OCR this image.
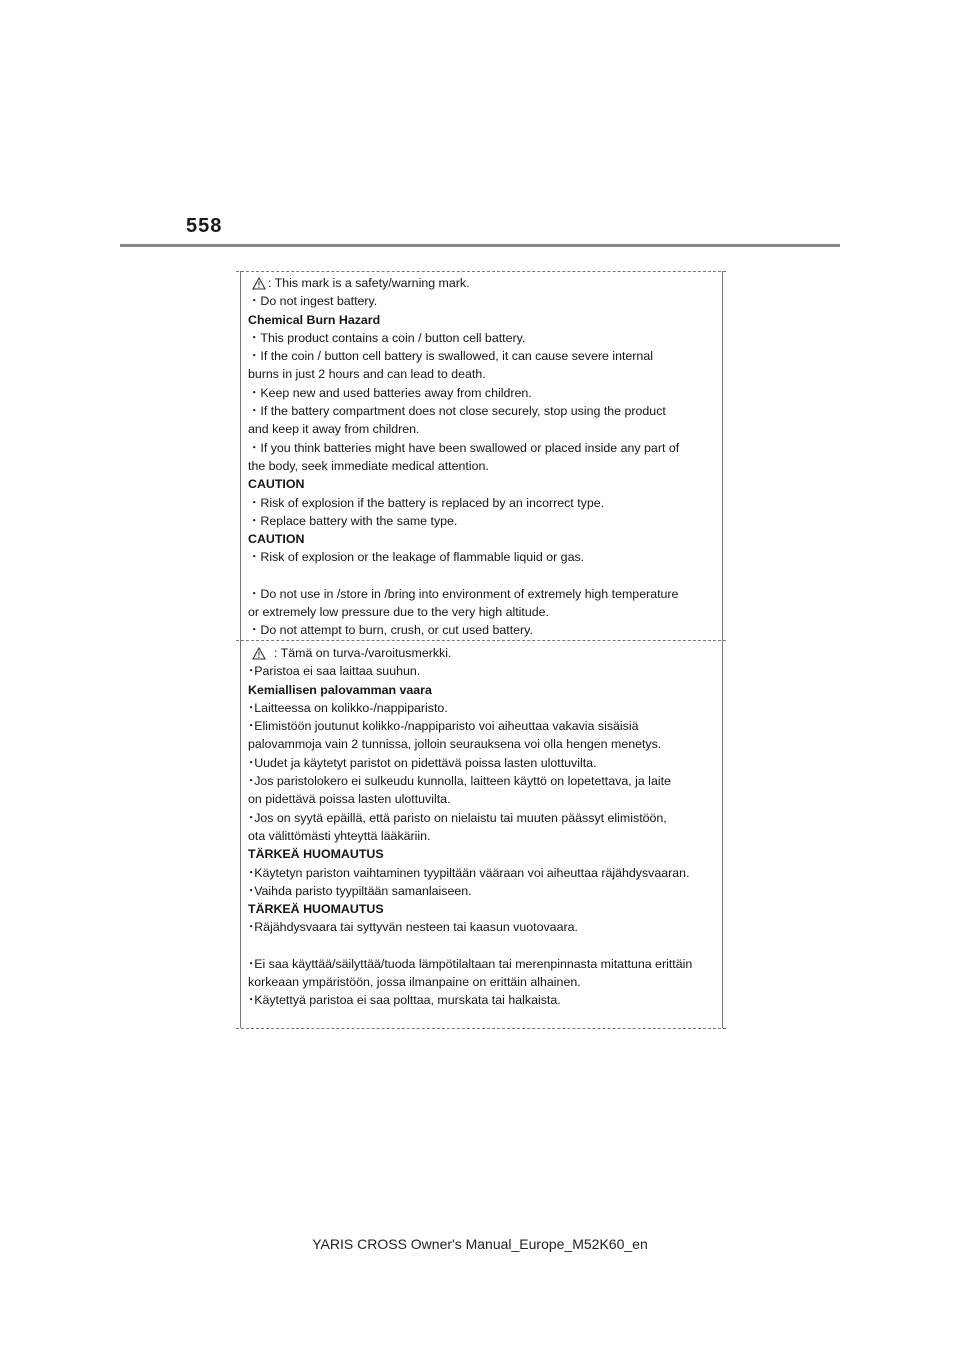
558
: This mark is a safety/warning mark.
・Do not ingest battery.
Chemical Burn Hazard
・This product contains a coin / button cell battery.
・If the coin / button cell battery is swallowed, it can cause severe internal
burns in just 2 hours and can lead to death.
・Keep new and used batteries away from children.
・If the battery compartment does not close securely, stop using the product
and keep it away from children.
・If you think batteries might have been swallowed or placed inside any part of
the body, seek immediate medical attention.
CAUTION
・Risk of explosion if the battery is replaced by an incorrect type.
・Replace battery with the same type.
CAUTION
・Risk of explosion or the leakage of flammable liquid or gas.
・Do not use in /store in /bring into environment of extremely high temperature
or extremely low pressure due to the very high altitude.
・Do not attempt to burn, crush, or cut used battery.
: Tämä on turva-/varoitusmerkki.
･Paristoa ei saa laittaa suuhun.
Kemiallisen palovamman vaara
･Laitteessa on kolikko-/nappiparisto.
･Elimistöön joutunut kolikko-/nappiparisto voi aiheuttaa vakavia sisäisiä
palovammoja vain 2 tunnissa, jolloin seurauksena voi olla hengen menetys.
･Uudet ja käytetyt paristot on pidettävä poissa lasten ulottuvilta.
･Jos paristolokero ei sulkeudu kunnolla, laitteen käyttö on lopetettava, ja laite
on pidettävä poissa lasten ulottuvilta.
･Jos on syytä epäillä, että paristo on nielaistu tai muuten päässyt elimistöön,
ota välittömästi yhteyttä lääkäriin.
TÄRKEÄ HUOMAUTUS
･Käytetyn pariston vaihtaminen tyypiltään vääraan voi aiheuttaa räjähdysvaaran.
･Vaihda paristo tyypiltään samanlaiseen.
TÄRKEÄ HUOMAUTUS
･Räjähdysvaara tai syttyvän nesteen tai kaasun vuotovaara.
･Ei saa käyttää/säilyttää/tuoda lämpötilaltaan tai merenpinnasta mitattuna erittäin
korkeaan ympäristöön, jossa ilmanpaine on erittäin alhainen.
･Käytettyä paristoa ei saa polttaa, murskata tai halkaista.
YARIS CROSS Owner's Manual_Europe_M52K60_en
